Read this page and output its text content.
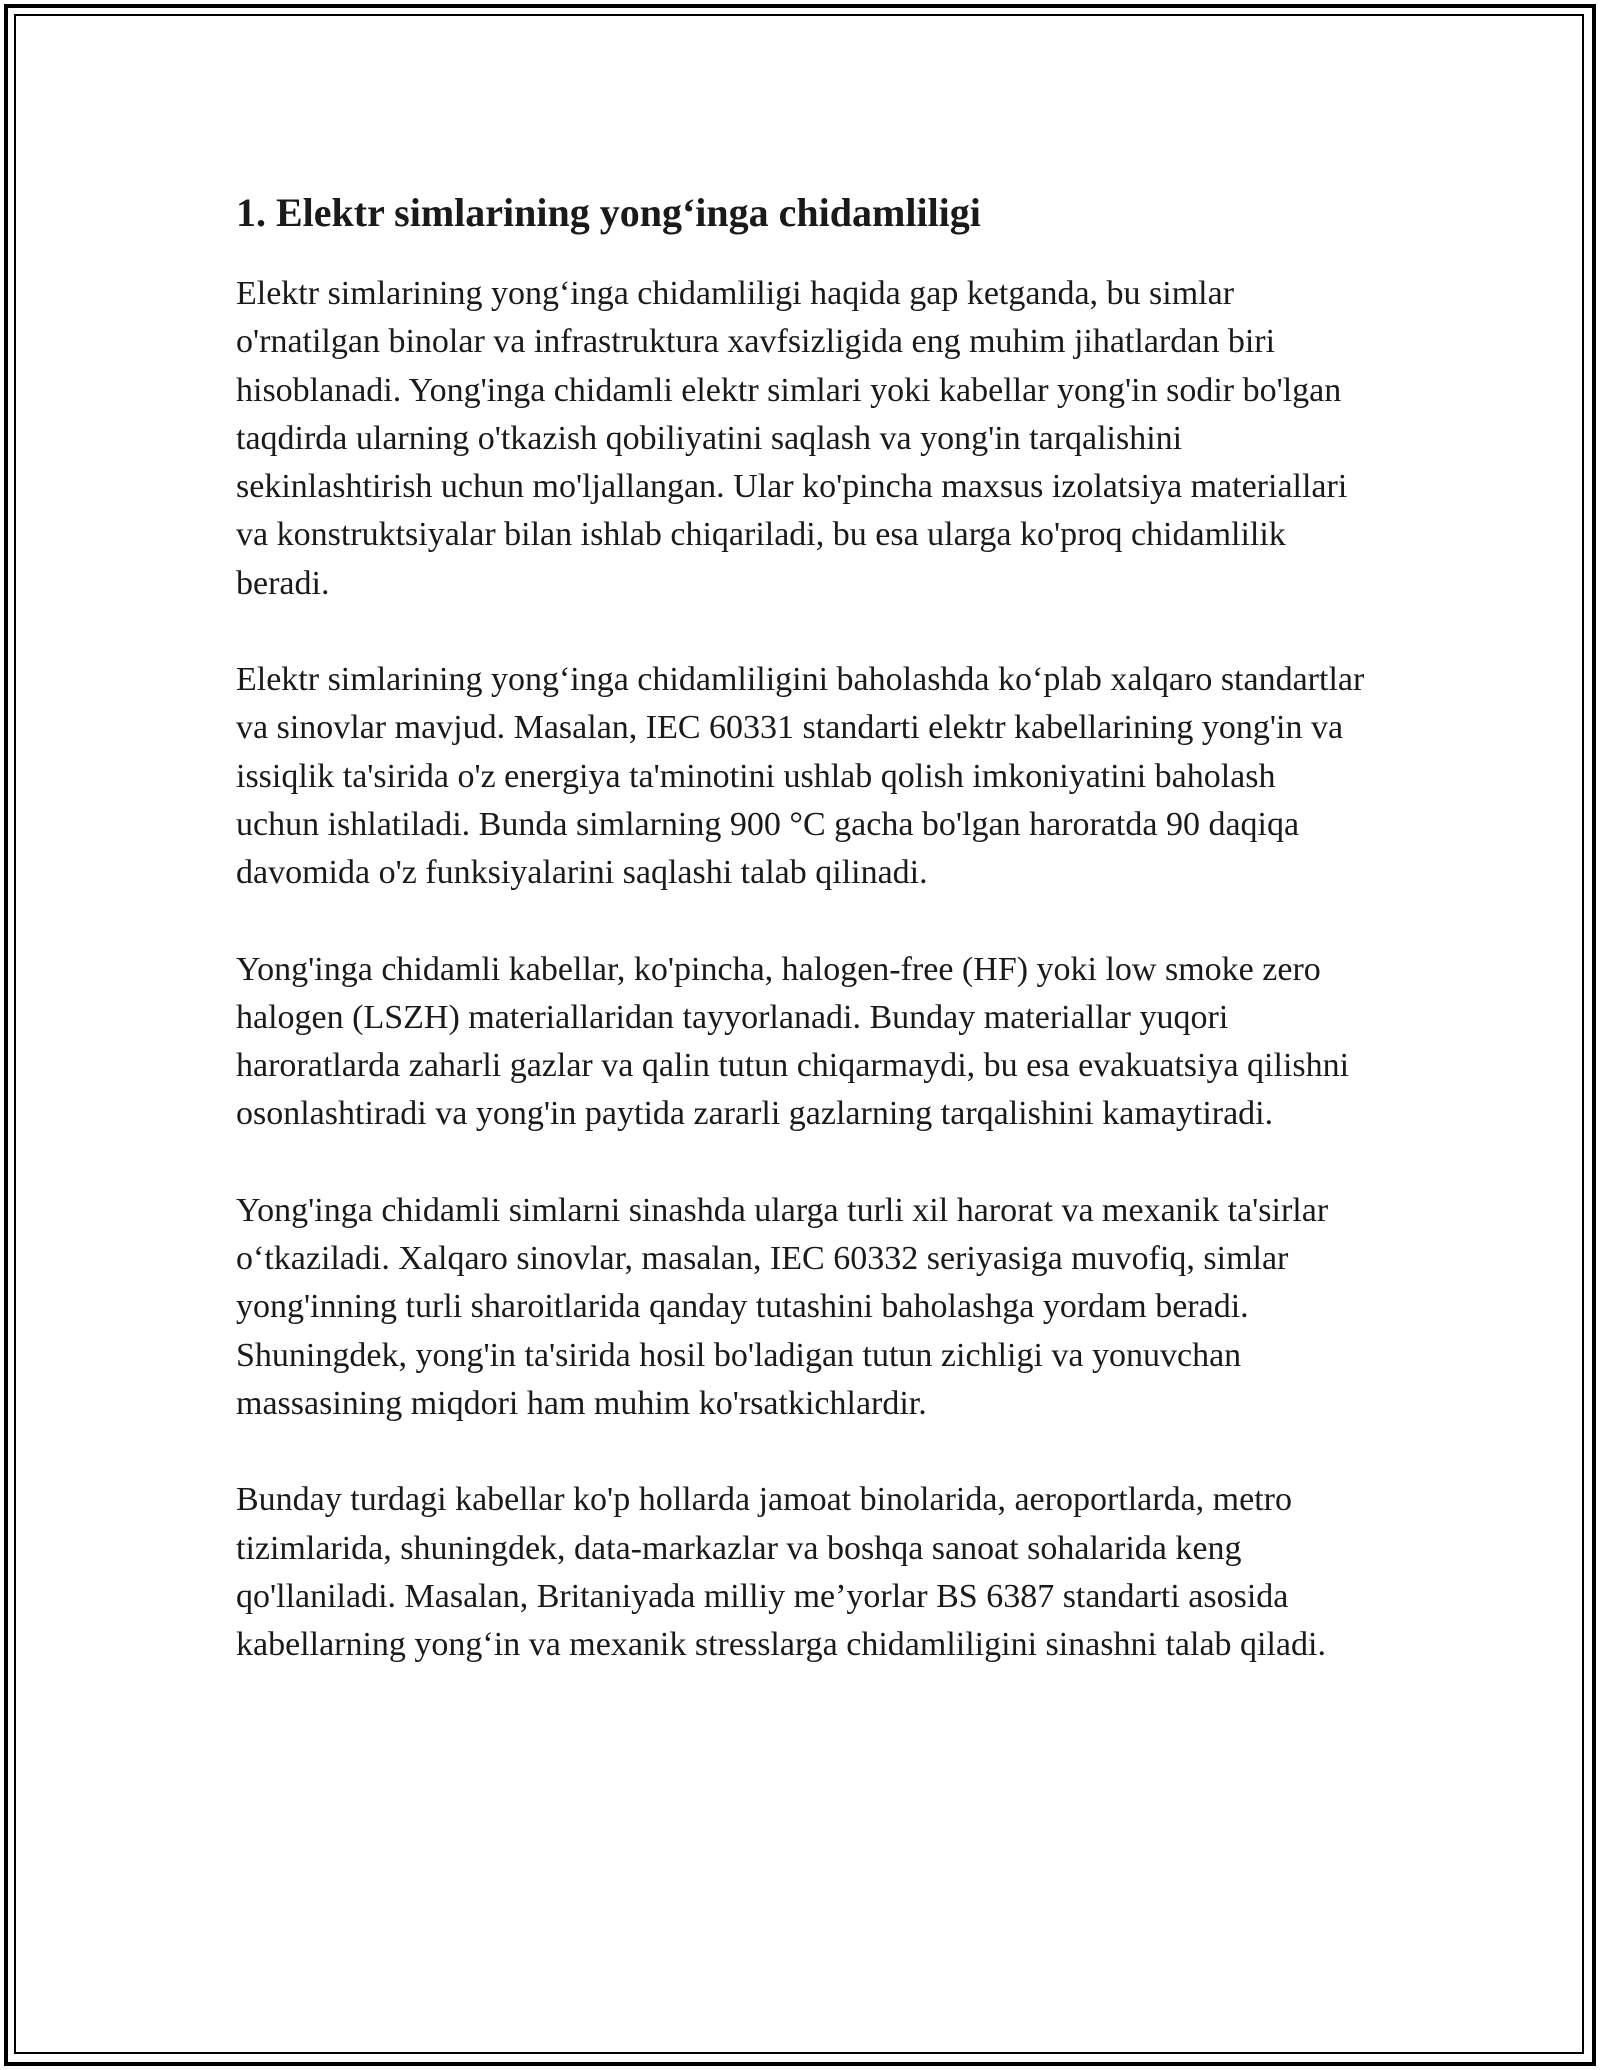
1. Elektr simlarining yong‘inga chidamliligi

Elektr simlarining yong‘inga chidamliligi haqida gap ketganda, bu simlar o'rnatilgan binolar va infrastruktura xavfsizligida eng muhim jihatlardan biri hisoblanadi. Yong'inga chidamli elektr simlari yoki kabellar yong'in sodir bo'lgan taqdirda ularning o'tkazish qobiliyatini saqlash va yong'in tarqalishini sekinlashtirish uchun mo'ljallangan. Ular ko'pincha maxsus izolatsiya materiallari va konstruktsiyalar bilan ishlab chiqariladi, bu esa ularga ko'proq chidamlilik beradi.

Elektr simlarining yong‘inga chidamliligini baholashda ko‘plab xalqaro standartlar va sinovlar mavjud. Masalan, IEC 60331 standarti elektr kabellarining yong'in va issiqlik ta'sirida o'z energiya ta'minotini ushlab qolish imkoniyatini baholash uchun ishlatiladi. Bunda simlarning 900 °C gacha bo'lgan haroratda 90 daqiqa davomida o'z funksiyalarini saqlashi talab qilinadi.

Yong'inga chidamli kabellar, ko'pincha, halogen-free (HF) yoki low smoke zero halogen (LSZH) materiallaridan tayyorlanadi. Bunday materiallar yuqori haroratlarda zaharli gazlar va qalin tutun chiqarmaydi, bu esa evakuatsiya qilishni osonlashtiradi va yong'in paytida zararli gazlarning tarqalishini kamaytiradi.

Yong'inga chidamli simlarni sinashda ularga turli xil harorat va mexanik ta'sirlar o‘tkaziladi. Xalqaro sinovlar, masalan, IEC 60332 seriyasiga muvofiq, simlar yong'inning turli sharoitlarida qanday tutashini baholashga yordam beradi. Shuningdek, yong'in ta'sirida hosil bo'ladigan tutun zichligi va yonuvchan massasining miqdori ham muhim ko'rsatkichlardir.

Bunday turdagi kabellar ko'p hollarda jamoat binolarida, aeroportlarda, metro tizimlarida, shuningdek, data-markazlar va boshqa sanoat sohalarida keng qo'llaniladi. Masalan, Britaniyada milliy me’yorlar BS 6387 standarti asosida kabellarning yong‘in va mexanik stresslarga chidamliligini sinashni talab qiladi.
